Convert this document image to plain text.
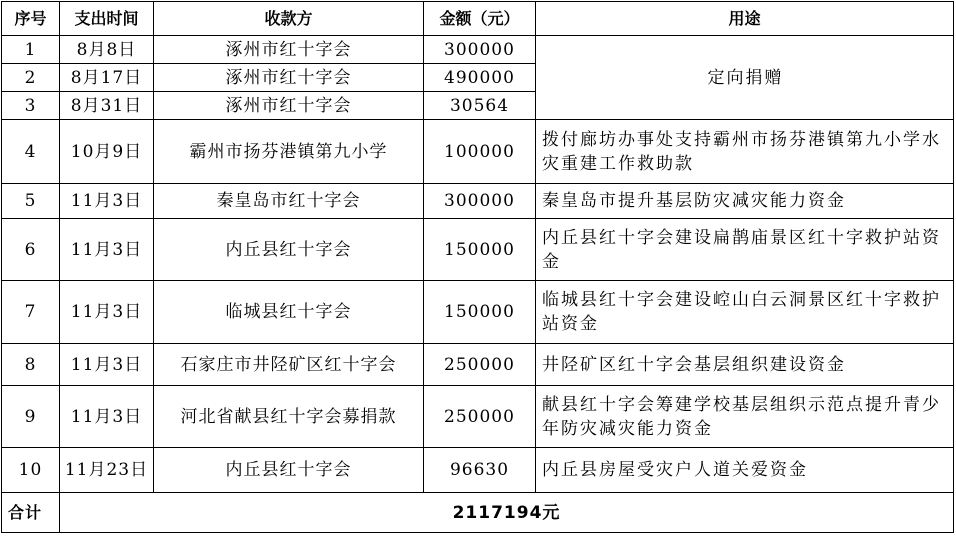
序号	支出时间	收款方	金额（元）	用途
1	8月8日	涿州市红十字会	300000	定向捐赠
2	8月17日	涿州市红十字会	490000	
3	8月31日	涿州市红十字会	30564	
4	10月9日	霸州市扬芬港镇第九小学	100000	拨付廊坊办事处支持霸州市扬芬港镇第九小学水灾重建工作救助款
5	11月3日	秦皇岛市红十字会	300000	秦皇岛市提升基层防灾减灾能力资金
6	11月3日	内丘县红十字会	150000	内丘县红十字会建设扁鹊庙景区红十字救护站资金
7	11月3日	临城县红十字会	150000	临城县红十字会建设崆山白云洞景区红十字救护站资金
8	11月3日	石家庄市井陉矿区红十字会	250000	井陉矿区红十字会基层组织建设资金
9	11月3日	河北省献县红十字会募捐款	250000	献县红十字会筹建学校基层组织示范点提升青少年防灾减灾能力资金
10	11月23日	内丘县红十字会	96630	内丘县房屋受灾户人道关爱资金
合计	2117194元			
